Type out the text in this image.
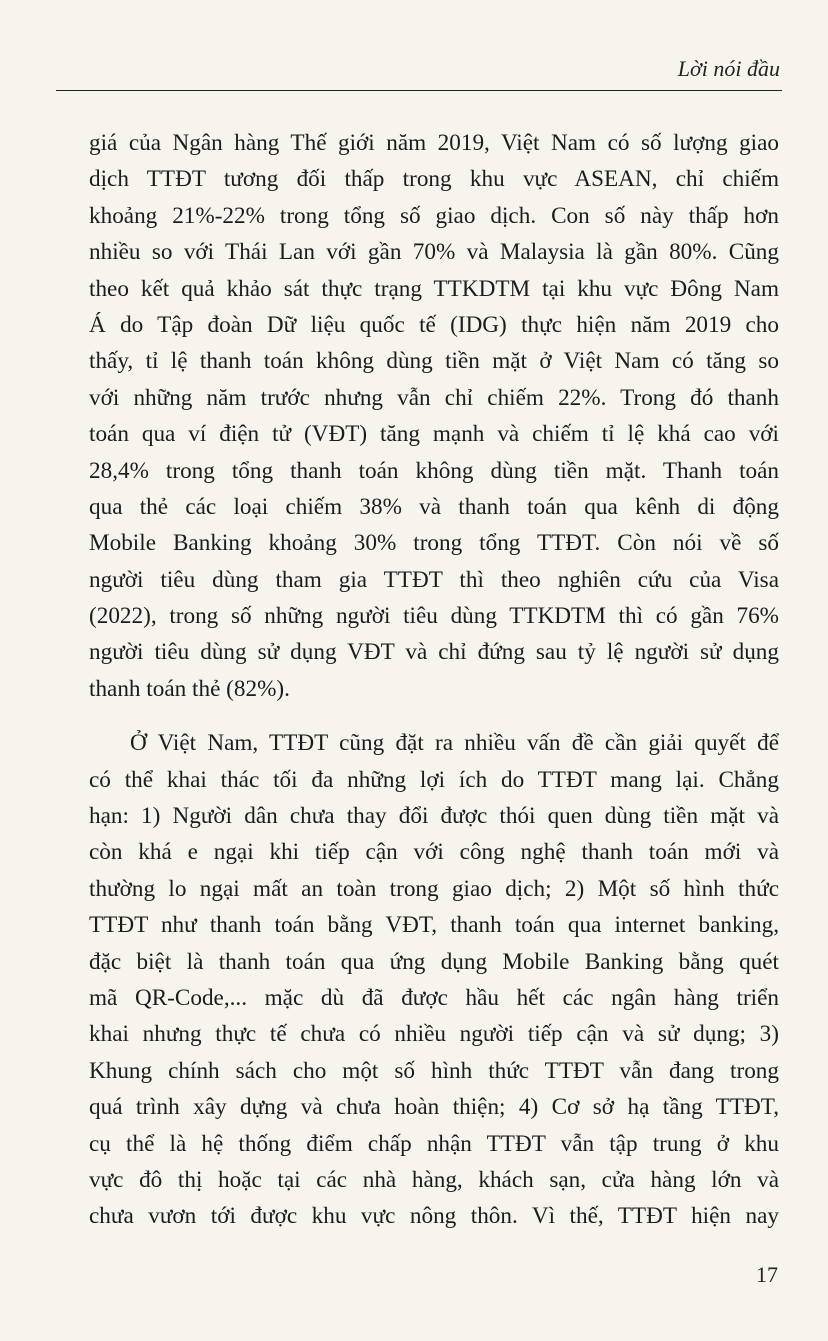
Lời nói đầu
giá của Ngân hàng Thế giới năm 2019, Việt Nam có số lượng giao
dịch TTĐT tương đối thấp trong khu vực ASEAN, chỉ chiếm
khoảng 21%-22% trong tổng số giao dịch. Con số này thấp hơn
nhiều so với Thái Lan với gần 70% và Malaysia là gần 80%. Cũng
theo kết quả khảo sát thực trạng TTKDTM tại khu vực Đông Nam
Á do Tập đoàn Dữ liệu quốc tế (IDG) thực hiện năm 2019 cho
thấy, tỉ lệ thanh toán không dùng tiền mặt ở Việt Nam có tăng so
với những năm trước nhưng vẫn chỉ chiếm 22%. Trong đó thanh
toán qua ví điện tử (VĐT) tăng mạnh và chiếm tỉ lệ khá cao với
28,4% trong tổng thanh toán không dùng tiền mặt. Thanh toán
qua thẻ các loại chiếm 38% và thanh toán qua kênh di động
Mobile Banking khoảng 30% trong tổng TTĐT. Còn nói về số
người tiêu dùng tham gia TTĐT thì theo nghiên cứu của Visa
(2022), trong số những người tiêu dùng TTKDTM thì có gần 76%
người tiêu dùng sử dụng VĐT và chỉ đứng sau tỷ lệ người sử dụng
thanh toán thẻ (82%).
Ở Việt Nam, TTĐT cũng đặt ra nhiều vấn đề cần giải quyết để
có thể khai thác tối đa những lợi ích do TTĐT mang lại. Chẳng
hạn: 1) Người dân chưa thay đổi được thói quen dùng tiền mặt và
còn khá e ngại khi tiếp cận với công nghệ thanh toán mới và
thường lo ngại mất an toàn trong giao dịch; 2) Một số hình thức
TTĐT như thanh toán bằng VĐT, thanh toán qua internet banking,
đặc biệt là thanh toán qua ứng dụng Mobile Banking bằng quét
mã QR-Code,... mặc dù đã được hầu hết các ngân hàng triển
khai nhưng thực tế chưa có nhiều người tiếp cận và sử dụng; 3)
Khung chính sách cho một số hình thức TTĐT vẫn đang trong
quá trình xây dựng và chưa hoàn thiện; 4) Cơ sở hạ tầng TTĐT,
cụ thể là hệ thống điểm chấp nhận TTĐT vẫn tập trung ở khu
vực đô thị hoặc tại các nhà hàng, khách sạn, cửa hàng lớn và
chưa vươn tới được khu vực nông thôn. Vì thế, TTĐT hiện nay
17
